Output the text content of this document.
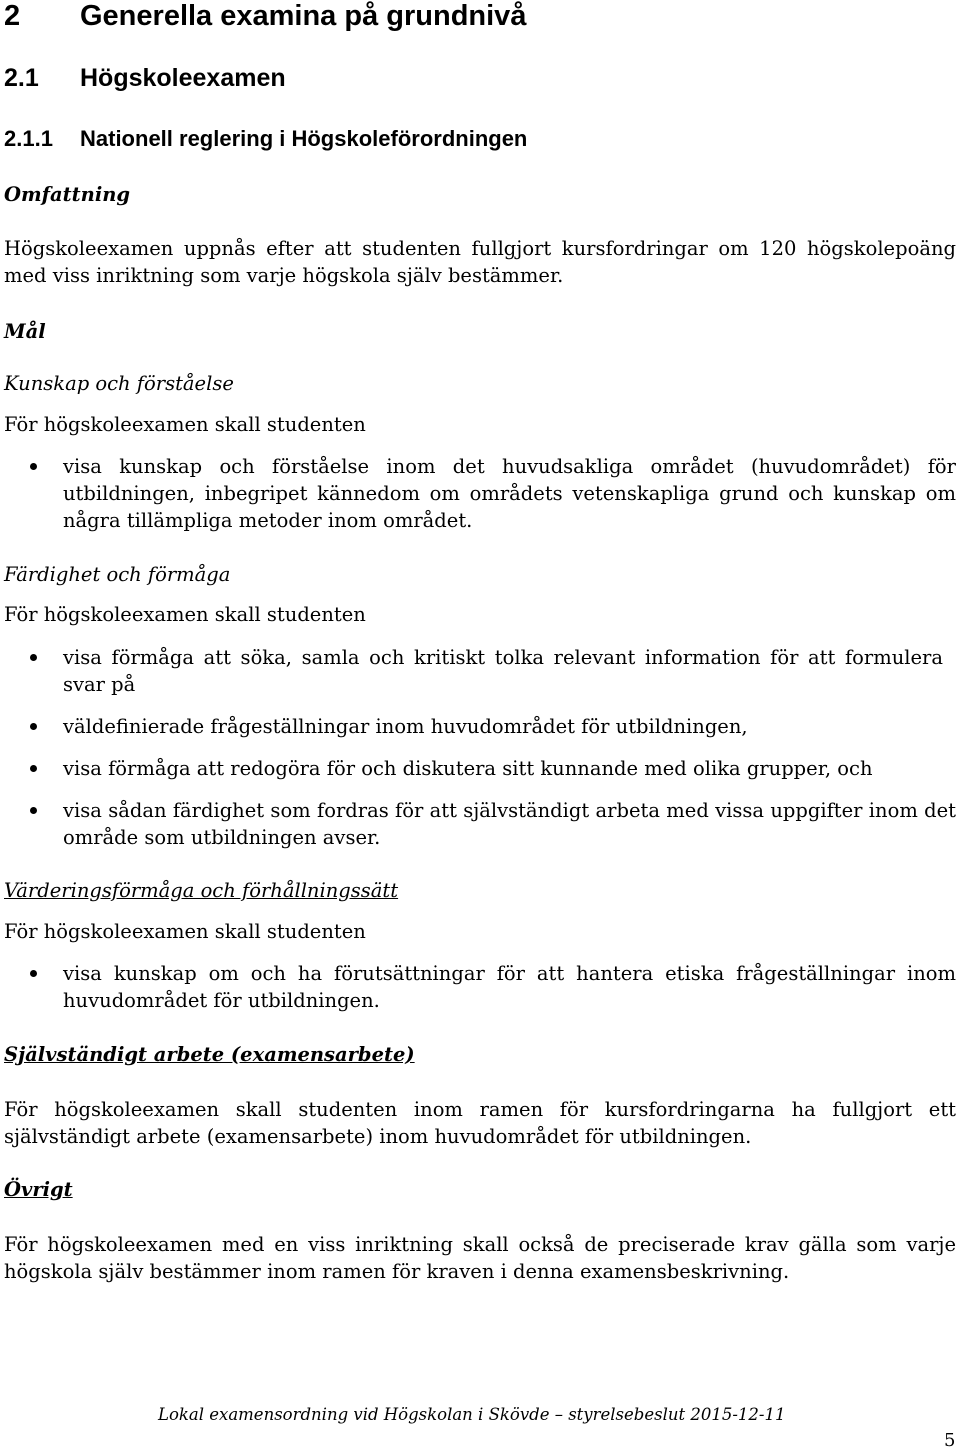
2 Generella examina på grundnivå
2.1 Högskoleexamen
2.1.1 Nationell reglering i Högskoleförordningen
Omfattning

Högskoleexamen uppnås efter att studenten fullgjort kursfordringar om 120 högskolepoäng med viss inriktning som varje högskola själv bestämmer.

Mål
Kunskap och förståelse
För högskoleexamen skall studenten

visa kunskap och förståelse inom det huvudsakliga området (huvudområdet) för utbildningen, inbegripet kännedom om områdets vetenskapliga grund och kunskap om några tillämpliga metoder inom området.

Färdighet och förmåga
För högskoleexamen skall studenten

visa förmåga att söka, samla och kritiskt tolka relevant information för att formulera svar på

väldefinierade frågeställningar inom huvudområdet för utbildningen,

visa förmåga att redogöra för och diskutera sitt kunnande med olika grupper, och

visa sådan färdighet som fordras för att självständigt arbeta med vissa uppgifter inom det område som utbildningen avser.

Värderingsförmåga och förhållningssätt
För högskoleexamen skall studenten

visa kunskap om och ha förutsättningar för att hantera etiska frågeställningar inom huvudområdet för utbildningen.

Självständigt arbete (examensarbete)

För högskoleexamen skall studenten inom ramen för kursfordringarna ha fullgjort ett självständigt arbete (examensarbete) inom huvudområdet för utbildningen.

Övrigt

För högskoleexamen med en viss inriktning skall också de preciserade krav gälla som varje högskola själv bestämmer inom ramen för kraven i denna examensbeskrivning.

Lokal examensordning vid Högskolan i Skövde – styrelsebeslut 2015-12-11
5
